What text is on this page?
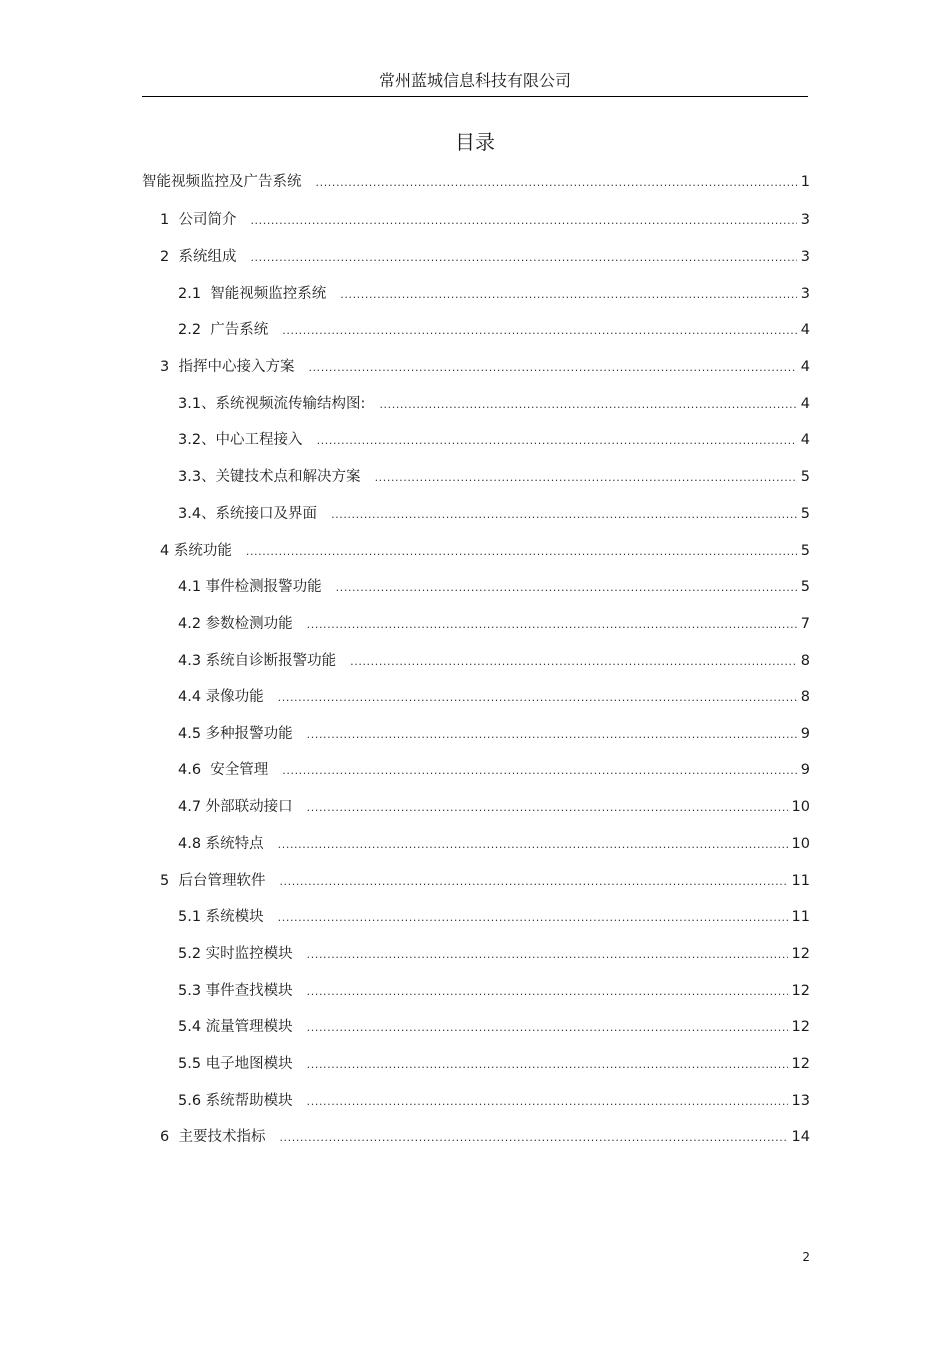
常州蓝城信息科技有限公司
目录
智能视频监控及广告系统 .....	1
1 公司简介 .....	3
2 系统组成 .....	3
2.1 智能视频监控系统 .....	3
2.2 广告系统 .....	4
3 指挥中心接入方案 .....	4
3.1 、系统视频流传输结构图: .....	4
3.2 、中心工程接入 .....	4
3.3 、关键技术点和解决方案 .....	5
3.4 、系统接口及界面 .....	5
4 系统功能 .....	5
4.1 事件检测报警功能 .....	5
4.2 参数检测功能 .....	7
4.3 系统自诊断报警功能 .....	8
4.4 录像功能 .....	8
4.5 多种报警功能 .....	9
4.6 安全管理 .....	9
4.7 外部联动接口 .....	10
4.8 系统特点 .....	10
5 后台管理软件 .....	11
5.1 系统模块 .....	11
5.2 实时监控模块 .....	12
5.3 事件查找模块 .....	12
5.4 流量管理模块 .....	12
5.5 电子地图模块 .....	12
5.6 系统帮助模块 .....	13
6 主要技术指标 .....	14
2
